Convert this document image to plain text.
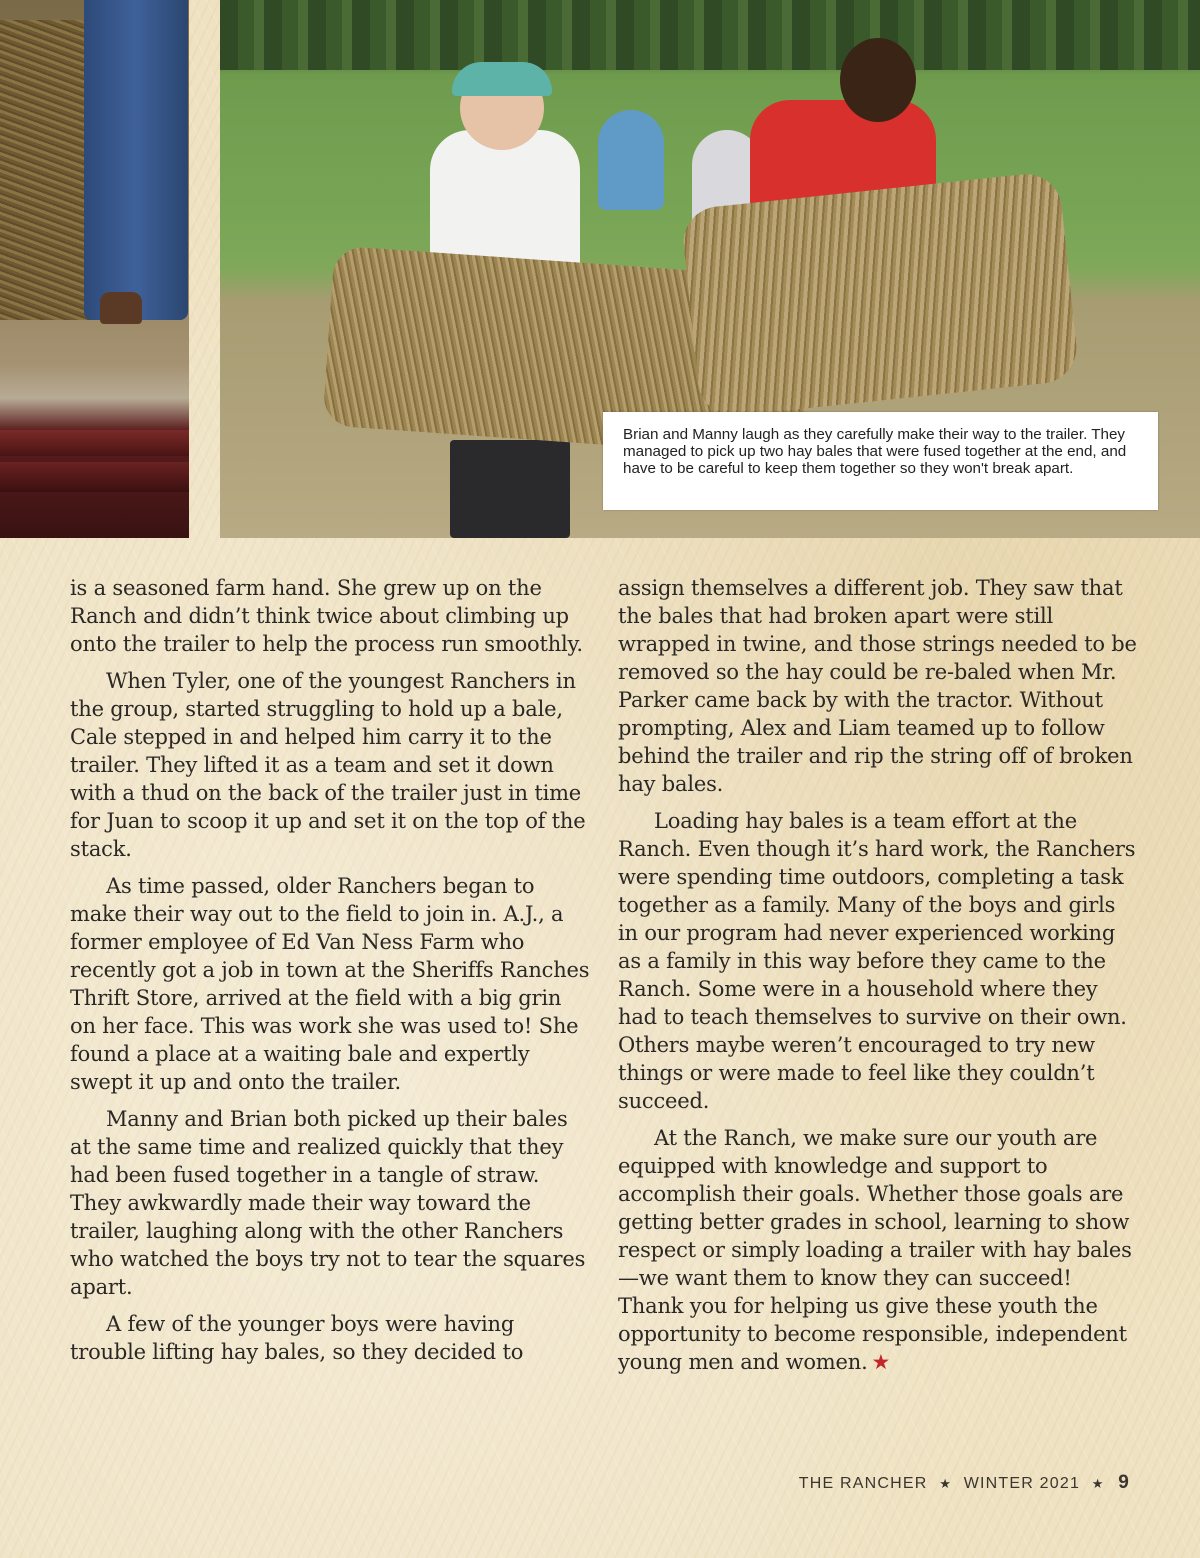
Brian and Manny laugh as they carefully make their way to the trailer. They managed to pick up two hay bales that were fused together at the end, and have to be careful to keep them together so they won't break apart.

is a seasoned farm hand. She grew up on the Ranch and didn’t think twice about climbing up onto the trailer to help the process run smoothly.

When Tyler, one of the youngest Ranchers in the group, started struggling to hold up a bale, Cale stepped in and helped him carry it to the trailer. They lifted it as a team and set it down with a thud on the back of the trailer just in time for Juan to scoop it up and set it on the top of the stack.

As time passed, older Ranchers began to make their way out to the field to join in. A.J., a former employee of Ed Van Ness Farm who recently got a job in town at the Sheriffs Ranches Thrift Store, arrived at the field with a big grin on her face. This was work she was used to! She found a place at a waiting bale and expertly swept it up and onto the trailer.

Manny and Brian both picked up their bales at the same time and realized quickly that they had been fused together in a tangle of straw. They awkwardly made their way toward the trailer, laughing along with the other Ranchers who watched the boys try not to tear the squares apart.

A few of the younger boys were having trouble lifting hay bales, so they decided to

assign themselves a different job. They saw that the bales that had broken apart were still wrapped in twine, and those strings needed to be removed so the hay could be re-baled when Mr. Parker came back by with the tractor. Without prompting, Alex and Liam teamed up to follow behind the trailer and rip the string off of broken hay bales.

Loading hay bales is a team effort at the Ranch. Even though it’s hard work, the Ranchers were spending time outdoors, completing a task together as a family. Many of the boys and girls in our program had never experienced working as a family in this way before they came to the Ranch. Some were in a household where they had to teach themselves to survive on their own. Others maybe weren’t encouraged to try new things or were made to feel like they couldn’t succeed.

At the Ranch, we make sure our youth are equipped with knowledge and support to accomplish their goals. Whether those goals are getting better grades in school, learning to show respect or simply loading a trailer with hay bales—we want them to know they can succeed! Thank you for helping us give these youth the opportunity to become responsible, independent young men and women. ★

THE RANCHER ★ WINTER 2021 ★ 9
